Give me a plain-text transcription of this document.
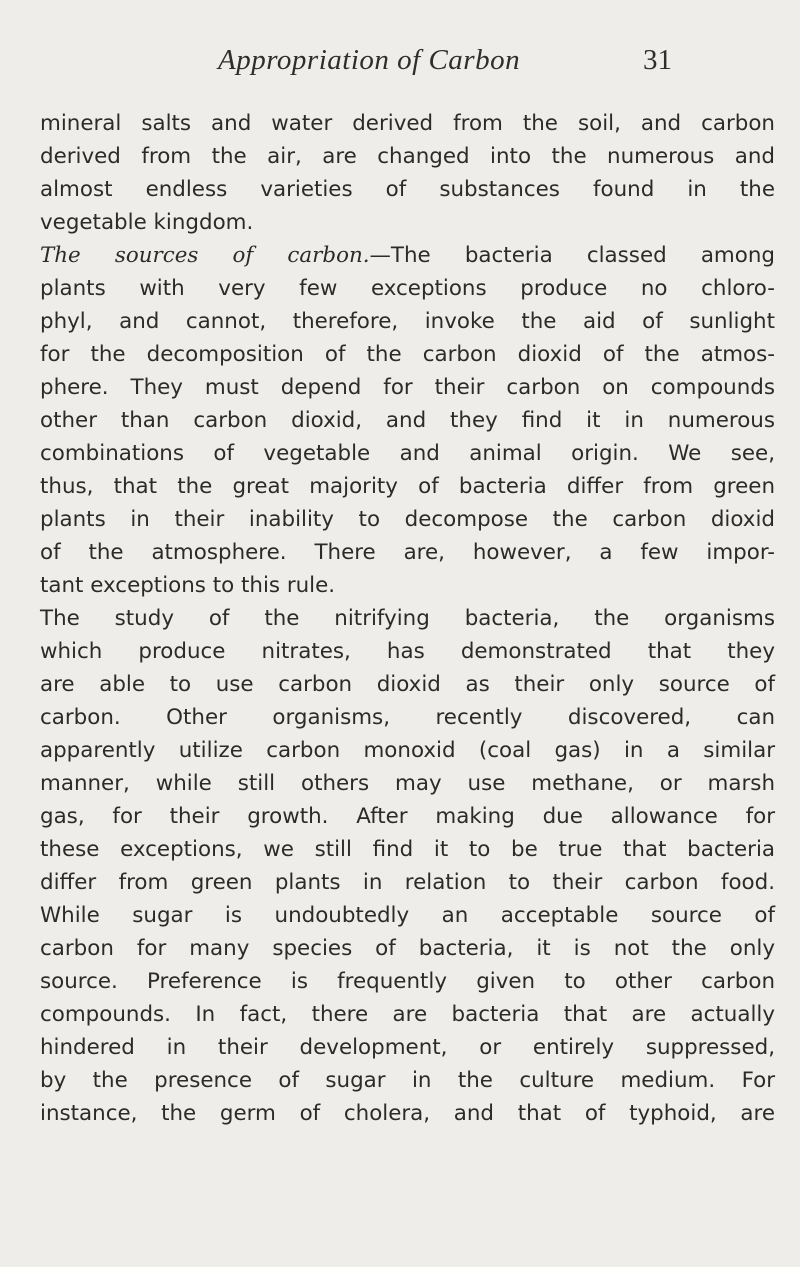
Appropriation of Carbon	31
mineral salts and water derived from the soil, and carbon
derived from the air, are changed into the numerous and
almost endless varieties of substances found in the
vegetable kingdom.
The sources of carbon.—The bacteria classed among
plants with very few exceptions produce no chloro-
phyl, and cannot, therefore, invoke the aid of sunlight
for the decomposition of the carbon dioxid of the atmos-
phere. They must depend for their carbon on compounds
other than carbon dioxid, and they find it in numerous
combinations of vegetable and animal origin. We see,
thus, that the great majority of bacteria differ from green
plants in their inability to decompose the carbon dioxid
of the atmosphere. There are, however, a few impor-
tant exceptions to this rule.
The study of the nitrifying bacteria, the organisms
which produce nitrates, has demonstrated that they
are able to use carbon dioxid as their only source of
carbon. Other organisms, recently discovered, can
apparently utilize carbon monoxid (coal gas) in a similar
manner, while still others may use methane, or marsh
gas, for their growth. After making due allowance for
these exceptions, we still find it to be true that bacteria
differ from green plants in relation to their carbon food.
While sugar is undoubtedly an acceptable source of
carbon for many species of bacteria, it is not the only
source. Preference is frequently given to other carbon
compounds. In fact, there are bacteria that are actually
hindered in their development, or entirely suppressed,
by the presence of sugar in the culture medium. For
instance, the germ of cholera, and that of typhoid, are
